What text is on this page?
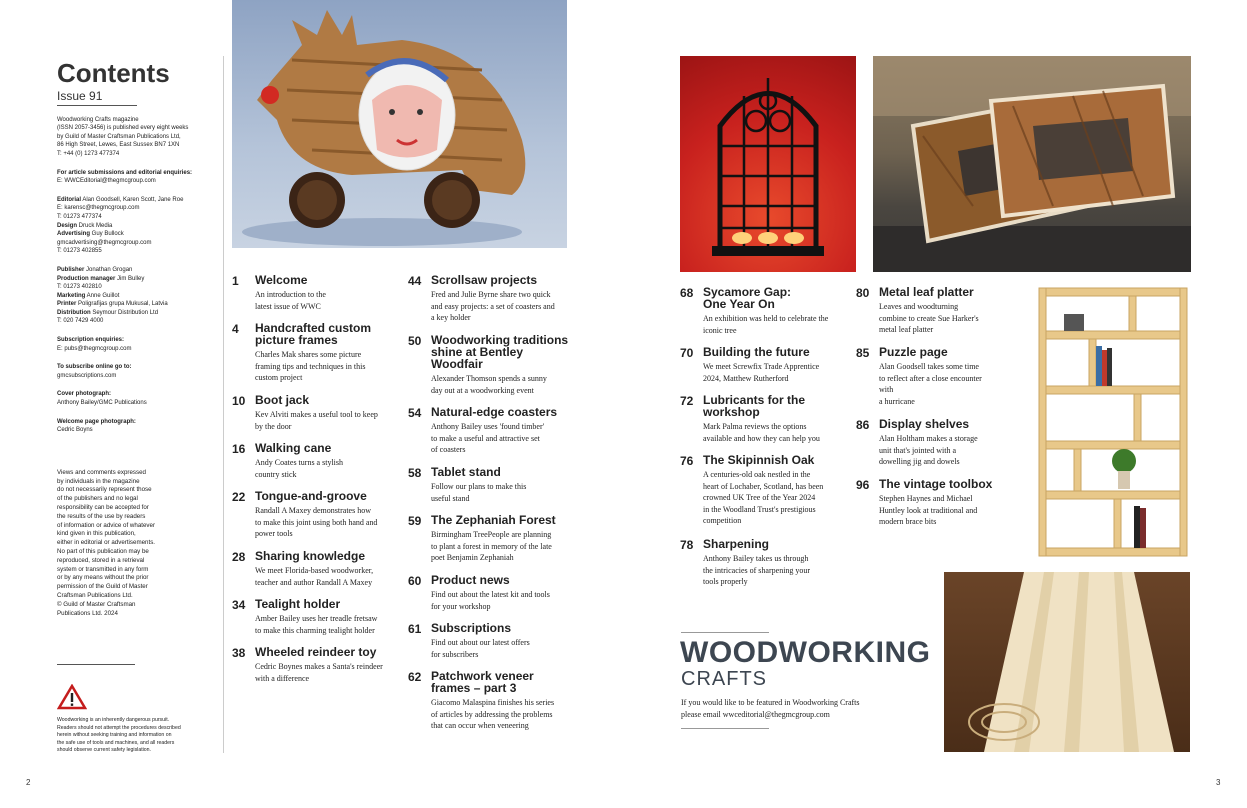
Contents
Issue 91

Woodworking Crafts magazine
(ISSN 2057-3456) is published every eight weeks
by Guild of Master Craftsman Publications Ltd,
86 High Street, Lewes, East Sussex BN7 1XN
T: +44 (0) 1273 477374

For article submissions and editorial enquiries:
E: WWCEditorial@thegmcgroup.com

Editorial Alan Goodsell, Karen Scott, Jane Roe
E: karensc@thegmcgroup.com
T: 01273 477374
Design Druck Media
Advertising Guy Bullock
gmcadvertising@thegmcgroup.com
T: 01273 402855

Publisher Jonathan Grogan
Production manager Jim Bulley
T: 01273 402810
Marketing Anne Guillot
Printer Poligrafijas grupa Mukusal, Latvia
Distribution Seymour Distribution Ltd
T: 020 7429 4000

Subscription enquiries:
E: pubs@thegmcgroup.com

To subscribe online go to:
gmcsubscriptions.com

Cover photograph:
Anthony Bailey/GMC Publications

Welcome page photograph:
Cedric Boyns

Views and comments expressed
by individuals in the magazine
do not necessarily represent those
of the publishers and no legal
responsibility can be accepted for
the results of the use by readers
of information or advice of whatever
kind given in this publication,
either in editorial or advertisements.
No part of this publication may be
reproduced, stored in a retrieval
system or transmitted in any form
or by any means without the prior
permission of the Guild of Master
Craftsman Publications Ltd.
© Guild of Master Craftsman
Publications Ltd. 2024

Woodworking is an inherently dangerous pursuit.
Readers should not attempt the procedures described
herein without seeking training and information on
the safe use of tools and machines, and all readers
should observe current safety legislation.
1 Welcome
An introduction to the
latest issue of WWC
4 Handcrafted custom
picture frames
Charles Mak shares some picture
framing tips and techniques in this
custom project
10 Boot jack
Kev Alviti makes a useful tool to keep
by the door
16 Walking cane
Andy Coates turns a stylish
country stick
22 Tongue-and-groove
Randall A Maxey demonstrates how
to make this joint using both hand and
power tools
28 Sharing knowledge
We meet Florida-based woodworker,
teacher and author Randall A Maxey
34 Tealight holder
Amber Bailey uses her treadle fretsaw
to make this charming tealight holder
38 Wheeled reindeer toy
Cedric Boynes makes a Santa's reindeer
with a difference
44 Scrollsaw projects
Fred and Julie Byrne share two quick
and easy projects: a set of coasters and
a key holder
50 Woodworking traditions
shine at Bentley
Woodfair
Alexander Thomson spends a sunny
day out at a woodworking event
54 Natural-edge coasters
Anthony Bailey uses 'found timber'
to make a useful and attractive set
of coasters
58 Tablet stand
Follow our plans to make this
useful stand
59 The Zephaniah Forest
Birmingham TreePeople are planning
to plant a forest in memory of the late
poet Benjamin Zephaniah
60 Product news
Find out about the latest kit and tools
for your workshop
61 Subscriptions
Find out about our latest offers
for subscribers
62 Patchwork veneer
frames – part 3
Giacomo Malaspina finishes his series
of articles by addressing the problems
that can occur when veneering
68 Sycamore Gap:
One Year On
An exhibition was held to celebrate the
iconic tree
70 Building the future
We meet Screwfix Trade Apprentice
2024, Matthew Rutherford
72 Lubricants for the
workshop
Mark Palma reviews the options
available and how they can help you
76 The Skipinnish Oak
A centuries-old oak nestled in the
heart of Lochaber, Scotland, has been
crowned UK Tree of the Year 2024
in the Woodland Trust's prestigious
competition
78 Sharpening
Anthony Bailey takes us through
the intricacies of sharpening your
tools properly
80 Metal leaf platter
Leaves and woodturning
combine to create Sue Harker's
metal leaf platter
85 Puzzle page
Alan Goodsell takes some time
to reflect after a close encounter
with
a hurricane
86 Display shelves
Alan Holtham makes a storage
unit that's jointed with a
dowelling jig and dowels
96 The vintage toolbox
Stephen Haynes and Michael
Huntley look at traditional and
modern brace bits
WOODWORKING
CRAFTS
If you would like to be featured in Woodworking Crafts
please email wwceditorial@thegmcgroup.com
2	3
